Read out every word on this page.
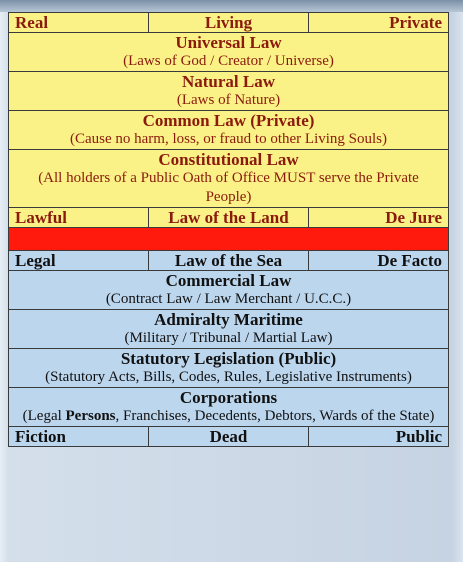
Real	Living	Private

Universal Law
(Laws of God / Creator / Universe)		

Natural Law
(Laws of Nature)		

Common Law (Private)
(Cause no harm, loss, or fraud to other Living Souls)		

Constitutional Law
(All holders of a Public Oath of Office MUST serve the Private People)		

Lawful	Law of the Land	De Jure

Legal	Law of the Sea	De Facto

Commercial Law
(Contract Law / Law Merchant / U.C.C.)		

Admiralty Maritime
(Military / Tribunal / Martial Law)		

Statutory Legislation (Public)
(Statutory Acts, Bills, Codes, Rules, Legislative Instruments)		

Corporations
(Legal Persons, Franchises, Decedents, Debtors, Wards of the State)		

Fiction	Dead	Public
